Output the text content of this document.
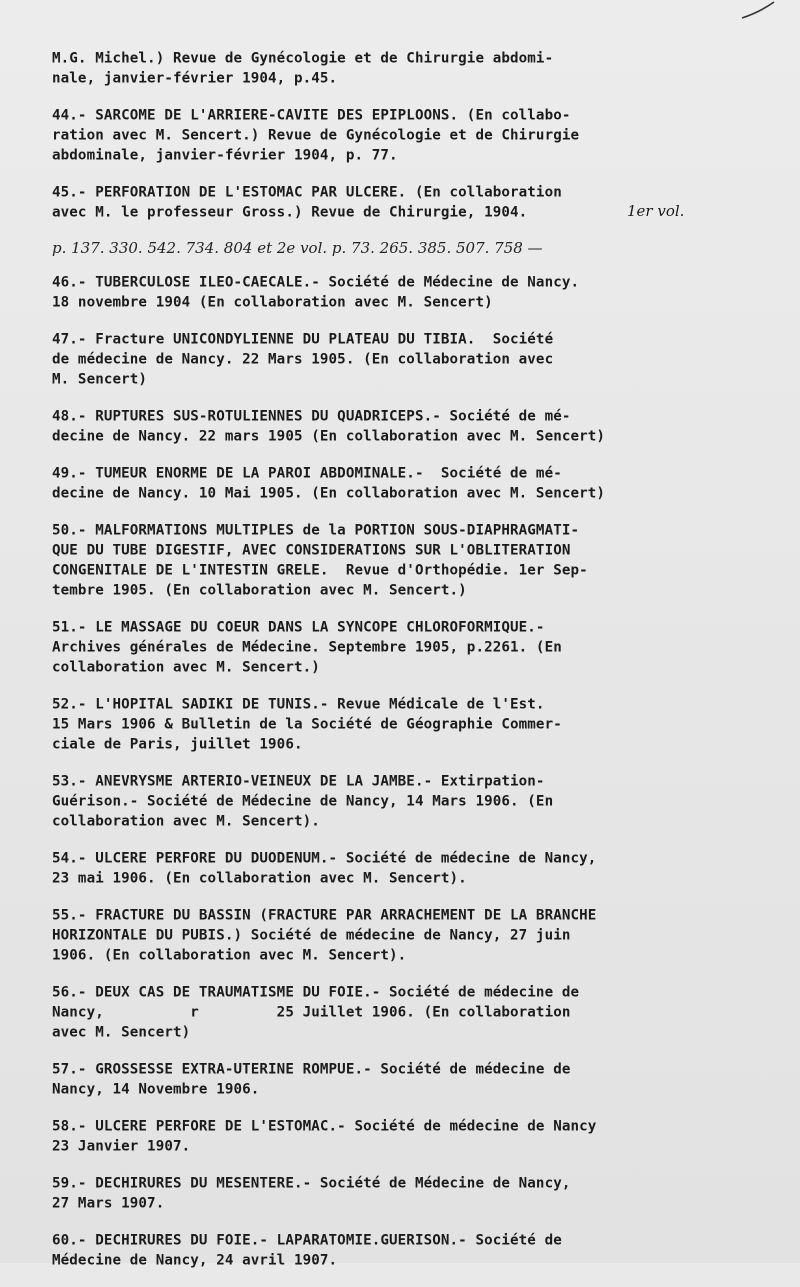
M.G. Michel.) Revue de Gynécologie et de Chirurgie abdomi-
nale, janvier-février 1904, p.45.
44.- SARCOME DE L'ARRIERE-CAVITE DES EPIPLOONS. (En collabo-
ration avec M. Sencert.) Revue de Gynécologie et de Chirurgie
abdominale, janvier-février 1904, p. 77.
45.- PERFORATION DE L'ESTOMAC PAR ULCERE. (En collaboration
avec M. le professeur Gross.) Revue de Chirurgie, 1904.	1er vol.
p. 137. 330. 542. 734. 804 et 2e vol. p. 73. 265. 385. 507. 758 —
46.- TUBERCULOSE ILEO-CAECALE.- Société de Médecine de Nancy.
18 novembre 1904 (En collaboration avec M. Sencert)
47.- Fracture UNICONDYLIENNE DU PLATEAU DU TIBIA.  Société
de médecine de Nancy. 22 Mars 1905. (En collaboration avec
M. Sencert)
48.- RUPTURES SUS-ROTULIENNES DU QUADRICEPS.- Société de mé-
decine de Nancy. 22 mars 1905 (En collaboration avec M. Sencert)
49.- TUMEUR ENORME DE LA PAROI ABDOMINALE.-  Société de mé-
decine de Nancy. 10 Mai 1905. (En collaboration avec M. Sencert)
50.- MALFORMATIONS MULTIPLES de la PORTION SOUS-DIAPHRAGMATI-
QUE DU TUBE DIGESTIF, AVEC CONSIDERATIONS SUR L'OBLITERATION
CONGENITALE DE L'INTESTIN GRELE.  Revue d'Orthopédie. 1er Sep-
tembre 1905. (En collaboration avec M. Sencert.)
51.- LE MASSAGE DU COEUR DANS LA SYNCOPE CHLOROFORMIQUE.-
Archives générales de Médecine. Septembre 1905, p.2261. (En
collaboration avec M. Sencert.)
52.- L'HOPITAL SADIKI DE TUNIS.- Revue Médicale de l'Est.
15 Mars 1906 & Bulletin de la Société de Géographie Commer-
ciale de Paris, juillet 1906.
53.- ANEVRYSME ARTERIO-VEINEUX DE LA JAMBE.- Extirpation-
Guérison.- Société de Médecine de Nancy, 14 Mars 1906. (En
collaboration avec M. Sencert).
54.- ULCERE PERFORE DU DUODENUM.- Société de médecine de Nancy,
23 mai 1906. (En collaboration avec M. Sencert).
55.- FRACTURE DU BASSIN (FRACTURE PAR ARRACHEMENT DE LA BRANCHE
HORIZONTALE DU PUBIS.) Société de médecine de Nancy, 27 juin
1906. (En collaboration avec M. Sencert).
56.- DEUX CAS DE TRAUMATISME DU FOIE.- Société de médecine de
Nancy,          r         25 Juillet 1906. (En collaboration
avec M. Sencert)
57.- GROSSESSE EXTRA-UTERINE ROMPUE.- Société de médecine de
Nancy, 14 Novembre 1906.
58.- ULCERE PERFORE DE L'ESTOMAC.- Société de médecine de Nancy
23 Janvier 1907.
59.- DECHIRURES DU MESENTERE.- Société de Médecine de Nancy,
27 Mars 1907.
60.- DECHIRURES DU FOIE.- LAPARATOMIE.GUERISON.- Société de
Médecine de Nancy, 24 avril 1907.
